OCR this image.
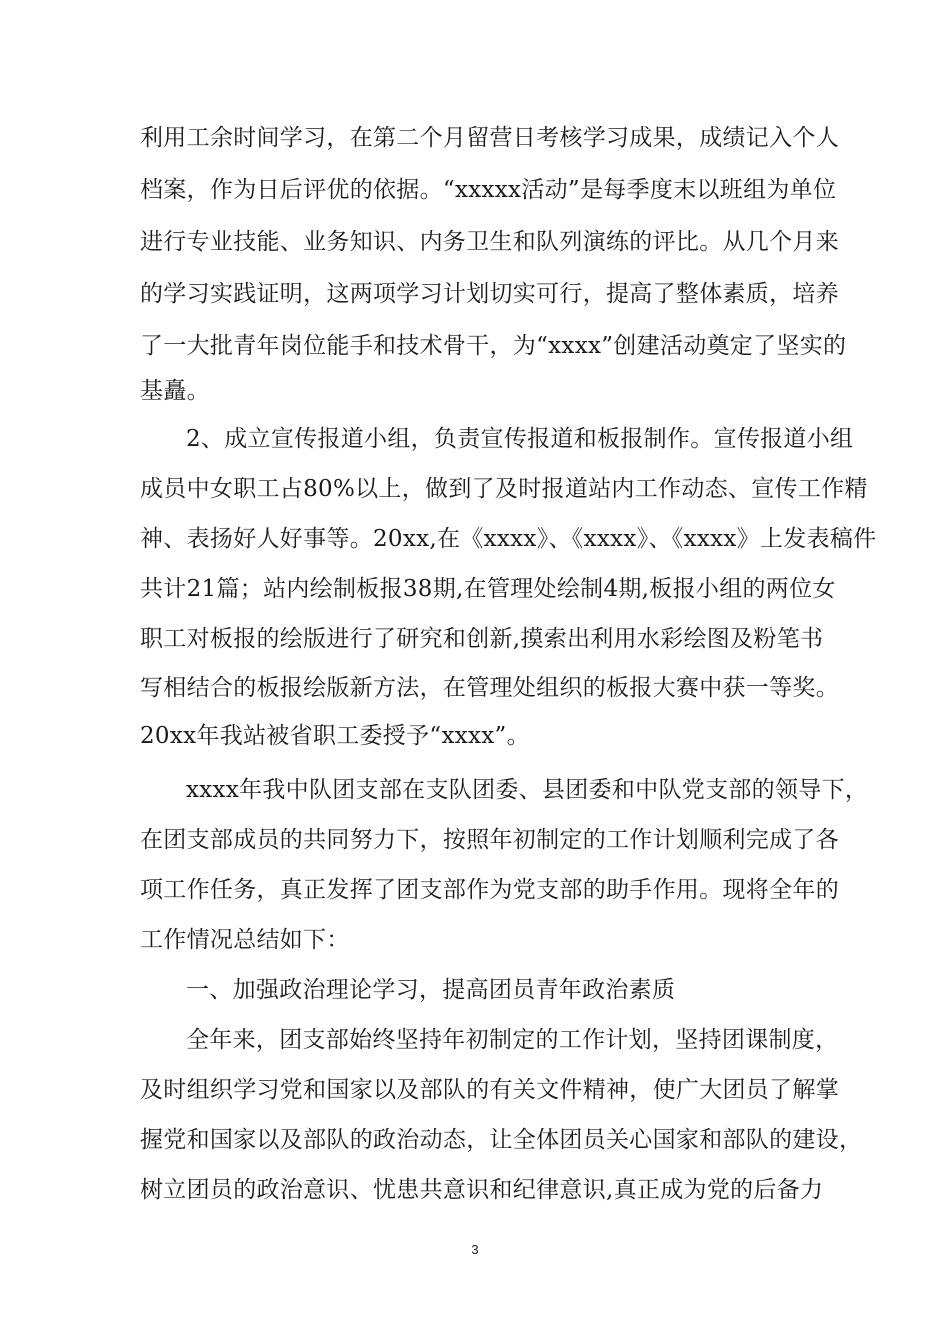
利用工余时间学习，在第二个月留营日考核学习成果，成绩记入个人
档案，作为日后评优的依据。“xxxxx活动”是每季度末以班组为单位
进行专业技能、业务知识、内务卫生和队列演练的评比。从几个月来
的学习实践证明，这两项学习计划切实可行，提高了整体素质，培养
了一大批青年岗位能手和技术骨干，为“xxxx”创建活动奠定了坚实的
基矗。
2、成立宣传报道小组，负责宣传报道和板报制作。宣传报道小组
成员中女职工占80%以上，做到了及时报道站内工作动态、宣传工作精
神、表扬好人好事等。20xx,在《xxxx》、《xxxx》、《xxxx》上发表稿件
共计21篇；站内绘制板报38期,在管理处绘制4期,板报小组的两位女
职工对板报的绘版进行了研究和创新,摸索出利用水彩绘图及粉笔书
写相结合的板报绘版新方法，在管理处组织的板报大赛中获一等奖。
20xx年我站被省职工委授予“xxxx”。
xxxx年我中队团支部在支队团委、县团委和中队党支部的领导下，
在团支部成员的共同努力下，按照年初制定的工作计划顺利完成了各
项工作任务，真正发挥了团支部作为党支部的助手作用。现将全年的
工作情况总结如下：
一、加强政治理论学习，提高团员青年政治素质
全年来，团支部始终坚持年初制定的工作计划，坚持团课制度，
及时组织学习党和国家以及部队的有关文件精神，使广大团员了解掌
握党和国家以及部队的政治动态，让全体团员关心国家和部队的建设，
树立团员的政治意识、忧患共意识和纪律意识,真正成为党的后备力
3
